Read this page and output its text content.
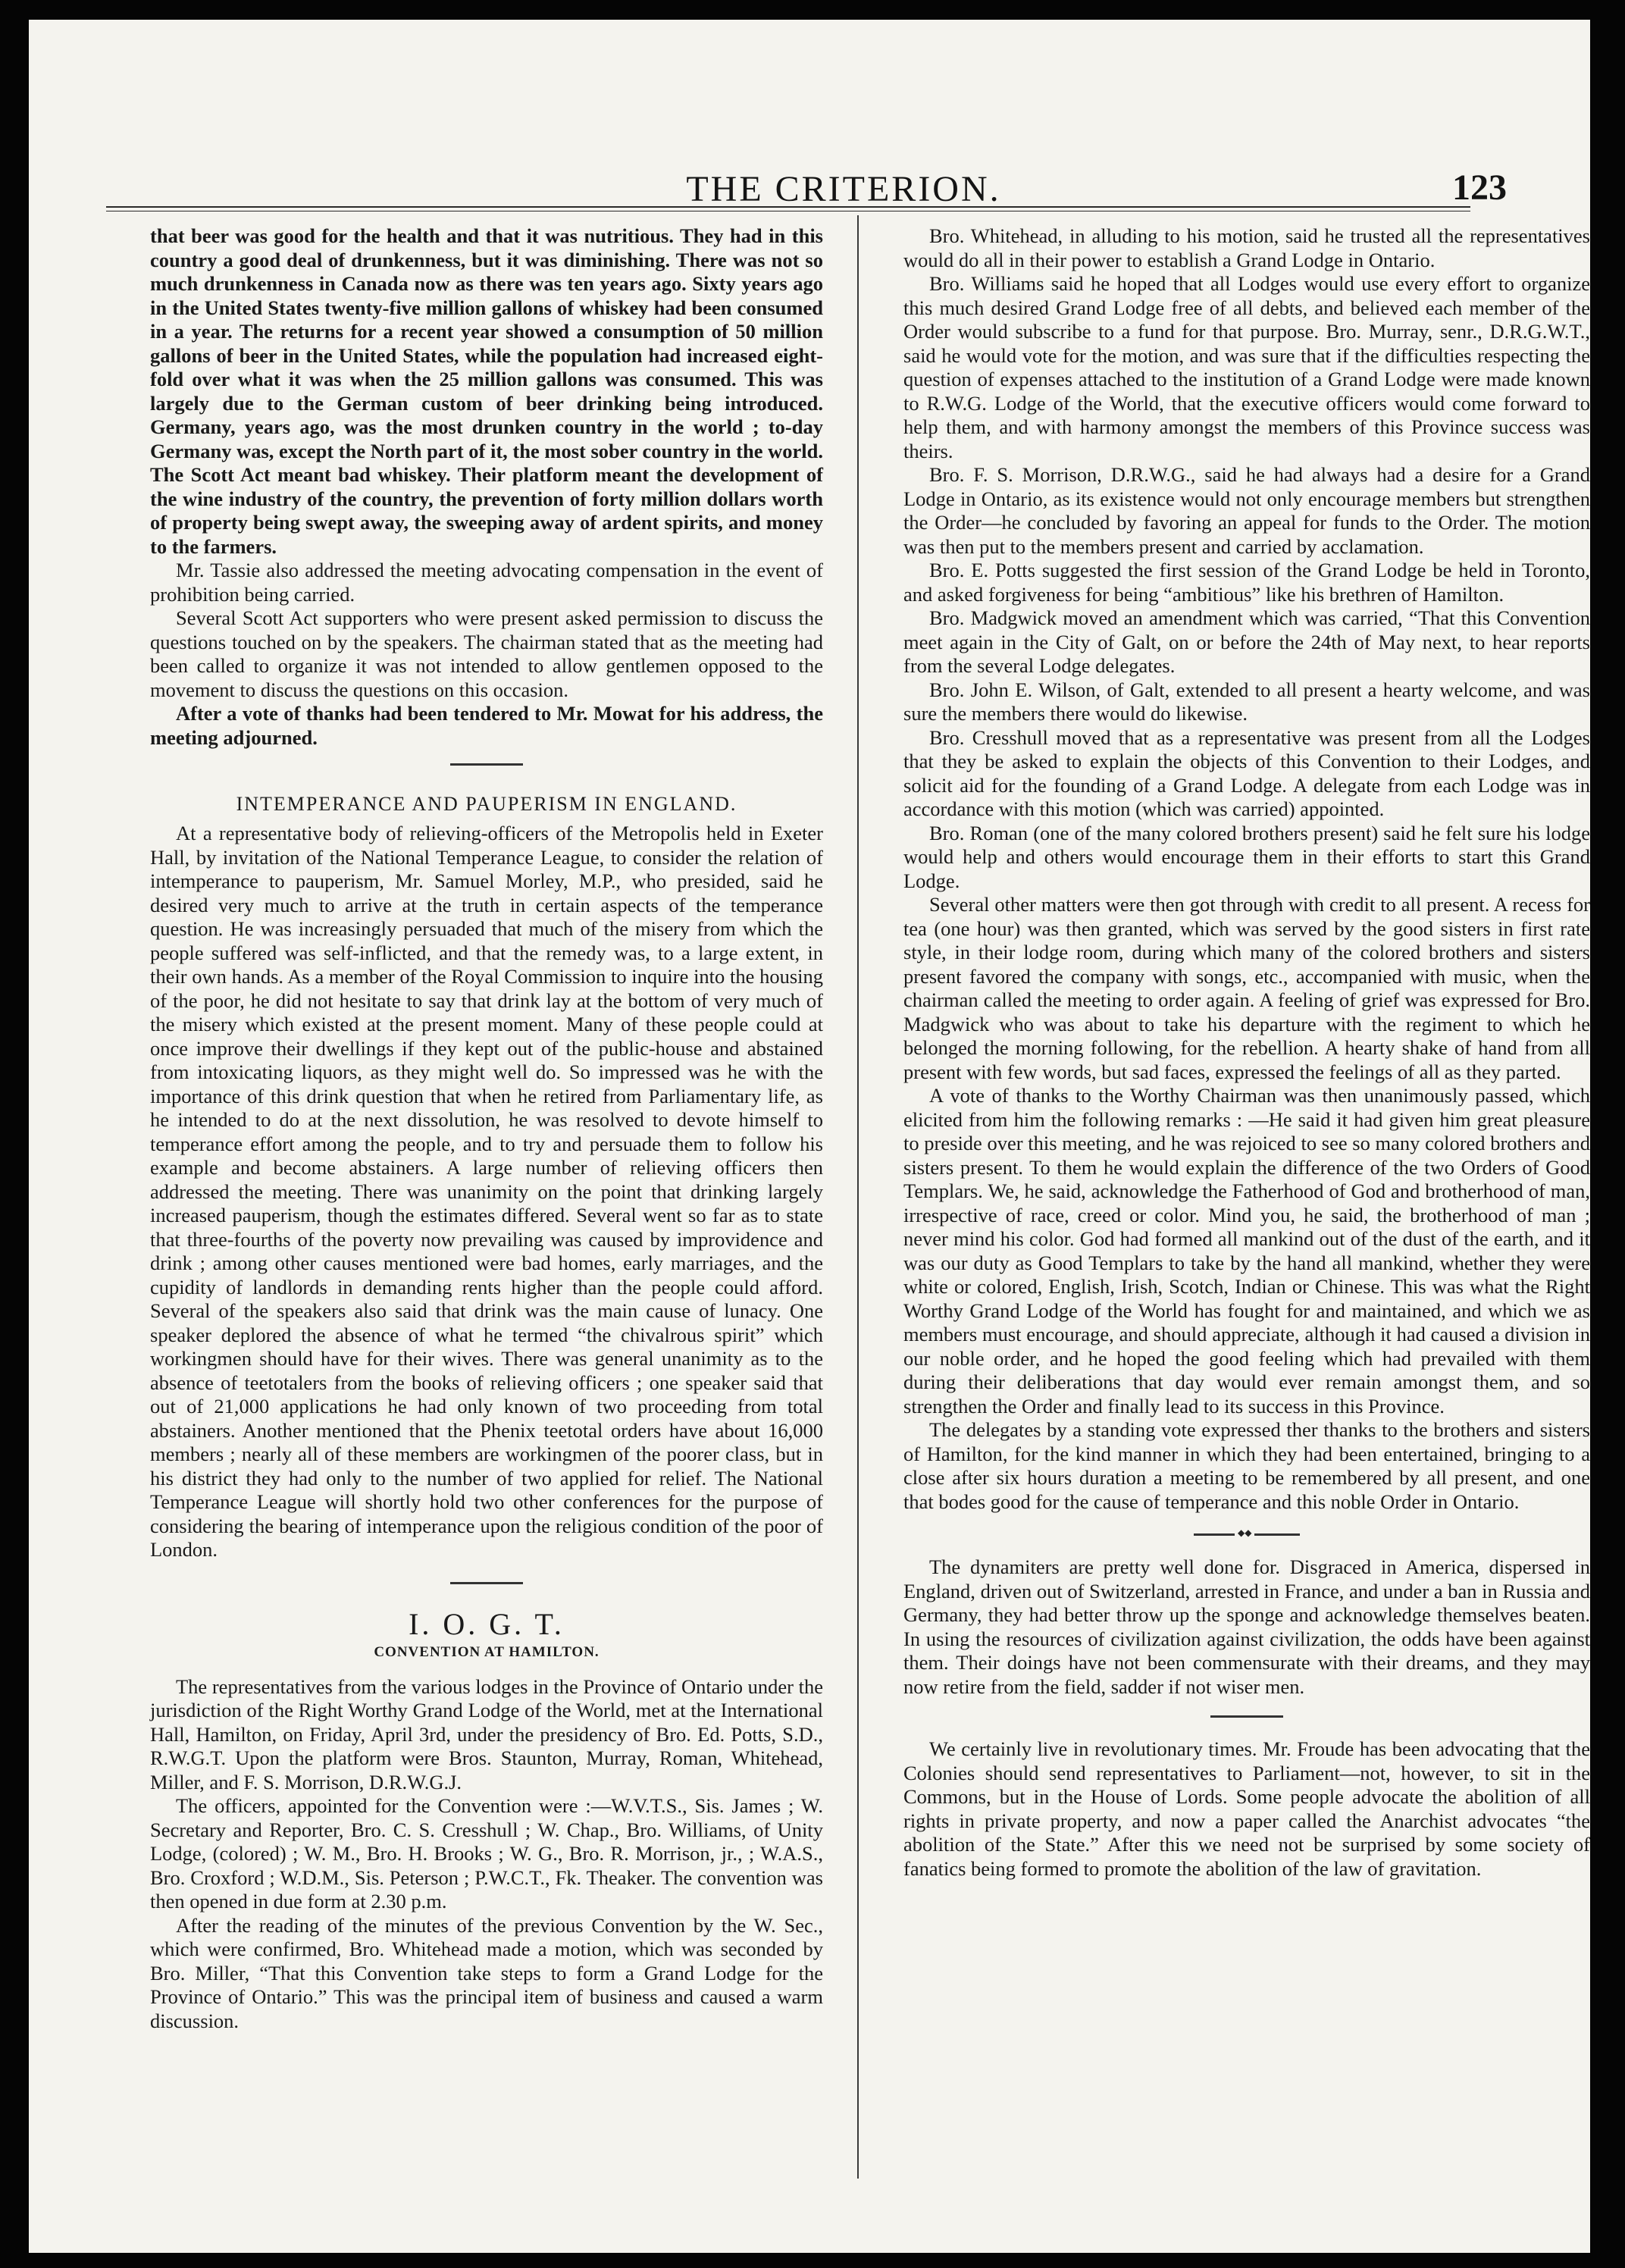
THE CRITERION.	123

that beer was good for the health and that it was nutritious. They had in this country a good deal of drunkenness, but it was diminishing. There was not so much drunkenness in Canada now as there was ten years ago. Sixty years ago in the United States twenty-five million gallons of whiskey had been consumed in a year. The returns for a recent year showed a consumption of 50 million gallons of beer in the United States, while the population had increased eight-fold over what it was when the 25 million gallons was consumed. This was largely due to the German custom of beer drinking being introduced. Germany, years ago, was the most drunken country in the world ; to-day Germany was, except the North part of it, the most sober country in the world. The Scott Act meant bad whiskey. Their platform meant the development of the wine industry of the country, the prevention of forty million dollars worth of property being swept away, the sweeping away of ardent spirits, and money to the farmers.

Mr. Tassie also addressed the meeting advocating compensation in the event of prohibition being carried.

Several Scott Act supporters who were present asked permission to discuss the questions touched on by the speakers. The chairman stated that as the meeting had been called to organize it was not intended to allow gentlemen opposed to the movement to discuss the questions on this occasion.

After a vote of thanks had been tendered to Mr. Mowat for his address, the meeting adjourned.

INTEMPERANCE AND PAUPERISM IN ENGLAND.

At a representative body of relieving-officers of the Metropolis held in Exeter Hall, by invitation of the National Temperance League, to consider the relation of intemperance to pauperism, Mr. Samuel Morley, M.P., who presided, said he desired very much to arrive at the truth in certain aspects of the temperance question. He was increasingly persuaded that much of the misery from which the people suffered was self-inflicted, and that the remedy was, to a large extent, in their own hands. As a member of the Royal Commission to inquire into the housing of the poor, he did not hesitate to say that drink lay at the bottom of very much of the misery which existed at the present moment. Many of these people could at once improve their dwellings if they kept out of the public-house and abstained from intoxicating liquors, as they might well do. So impressed was he with the importance of this drink question that when he retired from Parliamentary life, as he intended to do at the next dissolution, he was resolved to devote himself to temperance effort among the people, and to try and persuade them to follow his example and become abstainers. A large number of relieving officers then addressed the meeting. There was unanimity on the point that drinking largely increased pauperism, though the estimates differed. Several went so far as to state that three-fourths of the poverty now prevailing was caused by improvidence and drink ; among other causes mentioned were bad homes, early marriages, and the cupidity of landlords in demanding rents higher than the people could afford. Several of the speakers also said that drink was the main cause of lunacy. One speaker deplored the absence of what he termed “the chivalrous spirit” which workingmen should have for their wives. There was general unanimity as to the absence of teetotalers from the books of relieving officers ; one speaker said that out of 21,000 applications he had only known of two proceeding from total abstainers. Another mentioned that the Phenix teetotal orders have about 16,000 members ; nearly all of these members are workingmen of the poorer class, but in his district they had only to the number of two applied for relief. The National Temperance League will shortly hold two other conferences for the purpose of considering the bearing of intemperance upon the religious condition of the poor of London.

I. O. G. T.
CONVENTION AT HAMILTON.

The representatives from the various lodges in the Province of Ontario under the jurisdiction of the Right Worthy Grand Lodge of the World, met at the International Hall, Hamilton, on Friday, April 3rd, under the presidency of Bro. Ed. Potts, S.D., R.W.G.T. Upon the platform were Bros. Staunton, Murray, Roman, Whitehead, Miller, and F. S. Morrison, D.R.W.G.J.

The officers, appointed for the Convention were :—W.V.T.S., Sis. James ; W. Secretary and Reporter, Bro. C. S. Cresshull ; W. Chap., Bro. Williams, of Unity Lodge, (colored) ; W. M., Bro. H. Brooks ; W. G., Bro. R. Morrison, jr., ; W.A.S., Bro. Croxford ; W.D.M., Sis. Peterson ; P.W.C.T., Fk. Theaker. The convention was then opened in due form at 2.30 p.m.

After the reading of the minutes of the previous Convention by the W. Sec., which were confirmed, Bro. Whitehead made a motion, which was seconded by Bro. Miller, “That this Convention take steps to form a Grand Lodge for the Province of Ontario.” This was the principal item of business and caused a warm discussion.

Bro. Whitehead, in alluding to his motion, said he trusted all the representatives would do all in their power to establish a Grand Lodge in Ontario.

Bro. Williams said he hoped that all Lodges would use every effort to organize this much desired Grand Lodge free of all debts, and believed each member of the Order would subscribe to a fund for that purpose. Bro. Murray, senr., D.R.G.W.T., said he would vote for the motion, and was sure that if the difficulties respecting the question of expenses attached to the institution of a Grand Lodge were made known to R.W.G. Lodge of the World, that the executive officers would come forward to help them, and with harmony amongst the members of this Province success was theirs.

Bro. F. S. Morrison, D.R.W.G., said he had always had a desire for a Grand Lodge in Ontario, as its existence would not only encourage members but strengthen the Order—he concluded by favoring an appeal for funds to the Order. The motion was then put to the members present and carried by acclamation.

Bro. E. Potts suggested the first session of the Grand Lodge be held in Toronto, and asked forgiveness for being “ambitious” like his brethren of Hamilton.

Bro. Madgwick moved an amendment which was carried, “That this Convention meet again in the City of Galt, on or before the 24th of May next, to hear reports from the several Lodge delegates.

Bro. John E. Wilson, of Galt, extended to all present a hearty welcome, and was sure the members there would do likewise.

Bro. Cresshull moved that as a representative was present from all the Lodges that they be asked to explain the objects of this Convention to their Lodges, and solicit aid for the founding of a Grand Lodge. A delegate from each Lodge was in accordance with this motion (which was carried) appointed.

Bro. Roman (one of the many colored brothers present) said he felt sure his lodge would help and others would encourage them in their efforts to start this Grand Lodge.

Several other matters were then got through with credit to all present. A recess for tea (one hour) was then granted, which was served by the good sisters in first rate style, in their lodge room, during which many of the colored brothers and sisters present favored the company with songs, etc., accompanied with music, when the chairman called the meeting to order again. A feeling of grief was expressed for Bro. Madgwick who was about to take his departure with the regiment to which he belonged the morning following, for the rebellion. A hearty shake of hand from all present with few words, but sad faces, expressed the feelings of all as they parted.

A vote of thanks to the Worthy Chairman was then unanimously passed, which elicited from him the following remarks : —He said it had given him great pleasure to preside over this meeting, and he was rejoiced to see so many colored brothers and sisters present. To them he would explain the difference of the two Orders of Good Templars. We, he said, acknowledge the Fatherhood of God and brotherhood of man, irrespective of race, creed or color. Mind you, he said, the brotherhood of man ; never mind his color. God had formed all mankind out of the dust of the earth, and it was our duty as Good Templars to take by the hand all mankind, whether they were white or colored, English, Irish, Scotch, Indian or Chinese. This was what the Right Worthy Grand Lodge of the World has fought for and maintained, and which we as members must encourage, and should appreciate, although it had caused a division in our noble order, and he hoped the good feeling which had prevailed with them during their deliberations that day would ever remain amongst them, and so strengthen the Order and finally lead to its success in this Province.

The delegates by a standing vote expressed ther thanks to the brothers and sisters of Hamilton, for the kind manner in which they had been entertained, bringing to a close after six hours duration a meeting to be remembered by all present, and one that bodes good for the cause of temperance and this noble Order in Ontario.

◆◆

The dynamiters are pretty well done for. Disgraced in America, dispersed in England, driven out of Switzerland, arrested in France, and under a ban in Russia and Germany, they had better throw up the sponge and acknowledge themselves beaten. In using the resources of civilization against civilization, the odds have been against them. Their doings have not been commensurate with their dreams, and they may now retire from the field, sadder if not wiser men.

We certainly live in revolutionary times. Mr. Froude has been advocating that the Colonies should send representatives to Parliament—not, however, to sit in the Commons, but in the House of Lords. Some people advocate the abolition of all rights in private property, and now a paper called the Anarchist advocates “the abolition of the State.” After this we need not be surprised by some society of fanatics being formed to promote the abolition of the law of gravitation.
